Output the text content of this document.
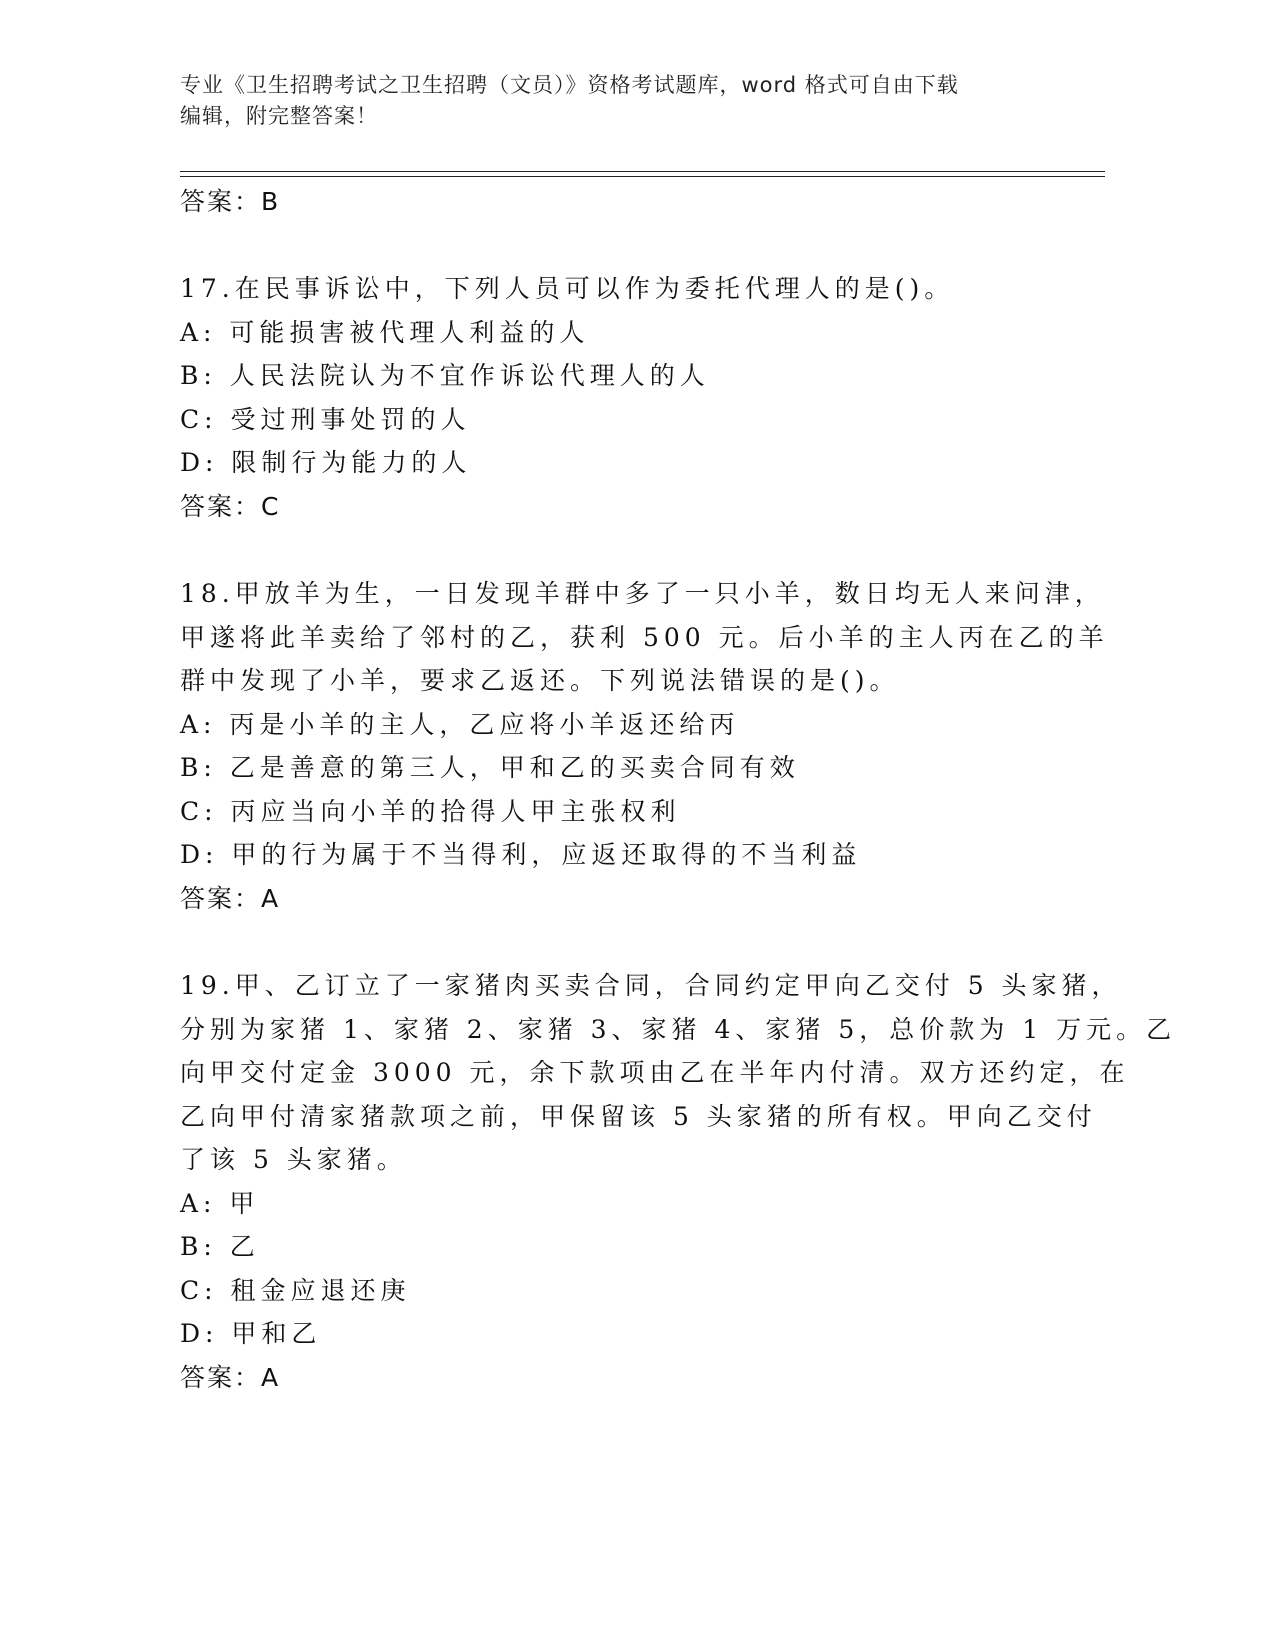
专业《卫生招聘考试之卫生招聘（文员）》资格考试题库，word 格式可自由下载
编辑，附完整答案！
答案：B
17.在民事诉讼中，下列人员可以作为委托代理人的是()。
A: 可能损害被代理人利益的人
B: 人民法院认为不宜作诉讼代理人的人
C: 受过刑事处罚的人
D: 限制行为能力的人
答案：C
18.甲放羊为生，一日发现羊群中多了一只小羊，数日均无人来问津，
甲遂将此羊卖给了邻村的乙，获利 500 元。后小羊的主人丙在乙的羊
群中发现了小羊，要求乙返还。下列说法错误的是()。
A: 丙是小羊的主人，乙应将小羊返还给丙
B: 乙是善意的第三人，甲和乙的买卖合同有效
C: 丙应当向小羊的拾得人甲主张权利
D: 甲的行为属于不当得利，应返还取得的不当利益
答案：A
19.甲、乙订立了一家猪肉买卖合同，合同约定甲向乙交付 5 头家猪，
分别为家猪 1、家猪 2、家猪 3、家猪 4、家猪 5，总价款为 1 万元。乙
向甲交付定金 3000 元，余下款项由乙在半年内付清。双方还约定，在
乙向甲付清家猪款项之前，甲保留该 5 头家猪的所有权。甲向乙交付
了该 5 头家猪。
A: 甲
B: 乙
C: 租金应退还庚
D: 甲和乙
答案：A
